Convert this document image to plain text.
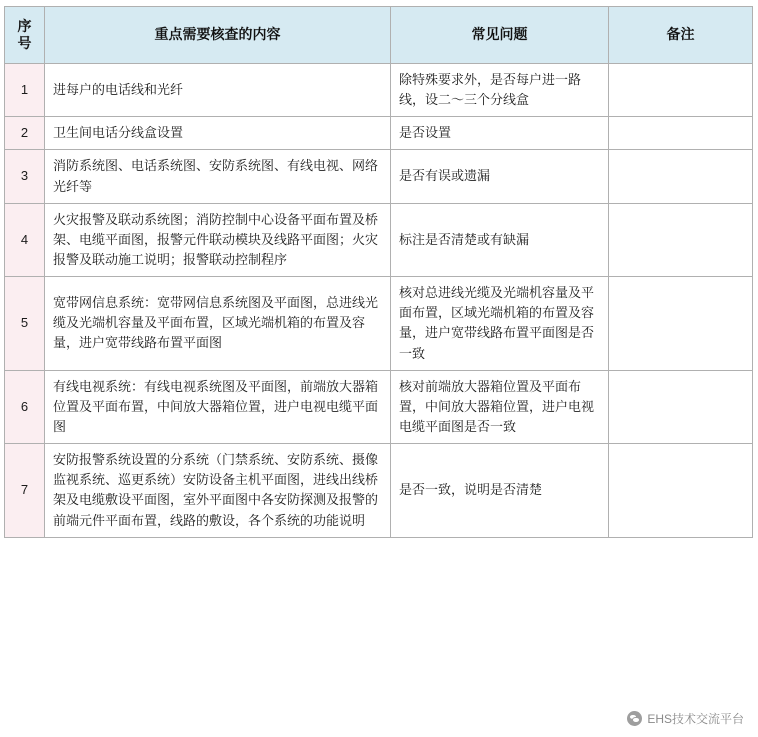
序号	重点需要核查的内容	常见问题	备注
1	进每户的电话线和光纤	除特殊要求外，是否每户进一路线，设二～三个分线盒	
2	卫生间电话分线盒设置	是否设置	
3	消防系统图、电话系统图、安防系统图、有线电视、网络光纤等	是否有误或遗漏	
4	火灾报警及联动系统图；消防控制中心设备平面布置及桥架、电缆平面图，报警元件联动模块及线路平面图；火灾报警及联动施工说明；报警联动控制程序	标注是否清楚或有缺漏	
5	宽带网信息系统：宽带网信息系统图及平面图，总进线光缆及光端机容量及平面布置，区域光端机箱的布置及容量，进户宽带线路布置平面图	核对总进线光缆及光端机容量及平面布置，区域光端机箱的布置及容量，进户宽带线路布置平面图是否一致	
6	有线电视系统：有线电视系统图及平面图，前端放大器箱位置及平面布置，中间放大器箱位置，进户电视电缆平面图	核对前端放大器箱位置及平面布置，中间放大器箱位置，进户电视电缆平面图是否一致	
7	安防报警系统设置的分系统（门禁系统、安防系统、摄像监视系统、巡更系统）安防设备主机平面图，进线出线桥架及电缆敷设平面图，室外平面图中各安防探测及报警的前端元件平面布置，线路的敷设，各个系统的功能说明	是否一致，说明是否清楚	
EHS技术交流平台
